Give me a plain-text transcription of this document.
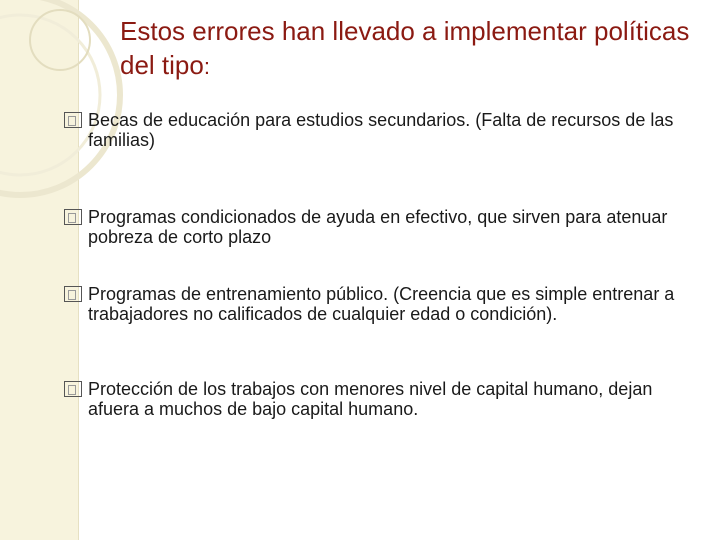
Estos errores han llevado a implementar políticas del tipo:
Becas de educación para estudios secundarios. (Falta de recursos de las familias)
Programas condicionados de ayuda en efectivo, que sirven para atenuar pobreza de corto plazo
Programas de entrenamiento público. (Creencia que es simple entrenar a trabajadores no calificados de cualquier edad o condición).
Protección de los trabajos con menores nivel de capital humano, dejan afuera a muchos de bajo capital humano.
